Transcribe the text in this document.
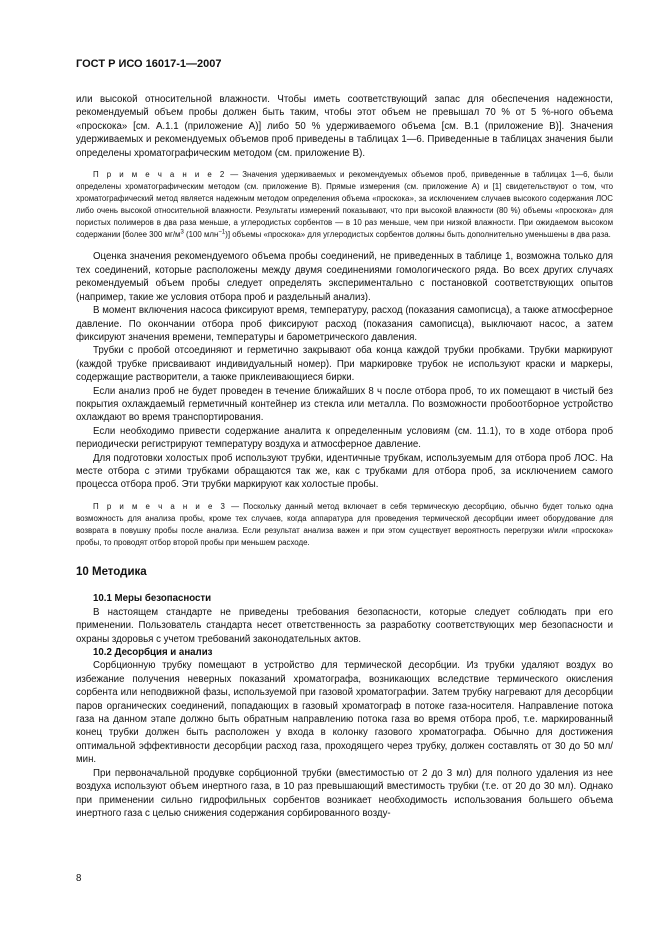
ГОСТ Р ИСО 16017-1—2007

или высокой относительной влажности. Чтобы иметь соответствующий запас для обеспечения надежности, рекомендуемый объем пробы должен быть таким, чтобы этот объем не превышал 70 % от 5 %-ного объема «проскока» [см. А.1.1 (приложение А)] либо 50 % удерживаемого объема [см. В.1 (приложение В)]. Значения удерживаемых и рекомендуемых объемов проб приведены в таблицах 1—6. Приведенные в таблицах значения были определены хроматографическим методом (см. приложение В).

П р и м е ч а н и е 2 — Значения удерживаемых и рекомендуемых объемов проб, приведенные в таблицах 1—6, были определены хроматографическим методом (см. приложение В). Прямые измерения (см. приложение А) и [1] свидетельствуют о том, что хроматографический метод является надежным методом определения объема «проскока», за исключением случаев высокого содержания ЛОС либо очень высокой относительной влажности. Результаты измерений показывают, что при высокой влажности (80 %) объемы «проскока» для пористых полимеров в два раза меньше, а углеродистых сорбентов — в 10 раз меньше, чем при низкой влажности. При ожидаемом высоком содержании [более 300 $мг/м^3$ (100 млн$^{-1}$)] объемы «проскока» для углеродистых сорбентов должны быть дополнительно уменьшены в два раза.

Оценка значения рекомендуемого объема пробы соединений, не приведенных в таблице 1, возможна только для тех соединений, которые расположены между двумя соединениями гомологического ряда. Во всех других случаях рекомендуемый объем пробы следует определять экспериментально с постановкой соответствующих опытов (например, такие же условия отбора проб и раздельный анализ).

В момент включения насоса фиксируют время, температуру, расход (показания самописца), а также атмосферное давление. По окончании отбора проб фиксируют расход (показания самописца), выключают насос, а затем фиксируют значения времени, температуры и барометрического давления.

Трубки с пробой отсоединяют и герметично закрывают оба конца каждой трубки пробками. Трубки маркируют (каждой трубке присваивают индивидуальный номер). При маркировке трубок не используют краски и маркеры, содержащие растворители, а также приклеивающиеся бирки.

Если анализ проб не будет проведен в течение ближайших 8 ч после отбора проб, то их помещают в чистый без покрытия охлаждаемый герметичный контейнер из стекла или металла. По возможности пробоотборное устройство охлаждают во время транспортирования.

Если необходимо привести содержание аналита к определенным условиям (см. 11.1), то в ходе отбора проб периодически регистрируют температуру воздуха и атмосферное давление.

Для подготовки холостых проб используют трубки, идентичные трубкам, используемым для отбора проб ЛОС. На месте отбора с этими трубками обращаются так же, как с трубками для отбора проб, за исключением самого процесса отбора проб. Эти трубки маркируют как холостые пробы.

П р и м е ч а н и е 3 — Поскольку данный метод включает в себя термическую десорбцию, обычно будет только одна возможность для анализа пробы, кроме тех случаев, когда аппаратура для проведения термической десорбции имеет оборудование для возврата в повушку пробы после анализа. Если результат анализа важен и при этом существует вероятность перегрузки и/или «проскока» пробы, то проводят отбор второй пробы при меньшем расходе.

10 Методика
10.1 Меры безопасности

В настоящем стандарте не приведены требования безопасности, которые следует соблюдать при его применении. Пользователь стандарта несет ответственность за разработку соответствующих мер безопасности и охраны здоровья с учетом требований законодательных актов.

10.2 Десорбция и анализ

Сорбционную трубку помещают в устройство для термической десорбции. Из трубки удаляют воздух во избежание получения неверных показаний хроматографа, возникающих вследствие термического окисления сорбента или неподвижной фазы, используемой при газовой хроматографии. Затем трубку нагревают для десорбции паров органических соединений, попадающих в газовый хроматограф в потоке газа-носителя. Направление потока газа на данном этапе должно быть обратным направлению потока газа во время отбора проб, т.е. маркированный конец трубки должен быть расположен у входа в колонку газового хроматографа. Обычно для достижения оптимальной эффективности десорбции расход газа, проходящего через трубку, должен составлять от 30 до 50 мл/мин.

При первоначальной продувке сорбционной трубки (вместимостью от 2 до 3 мл) для полного удаления из нее воздуха используют объем инертного газа, в 10 раз превышающий вместимость трубки (т.е. от 20 до 30 мл). Однако при применении сильно гидрофильных сорбентов возникает необходимость использования большего объема инертного газа с целью снижения содержания сорбированного возду-

8
